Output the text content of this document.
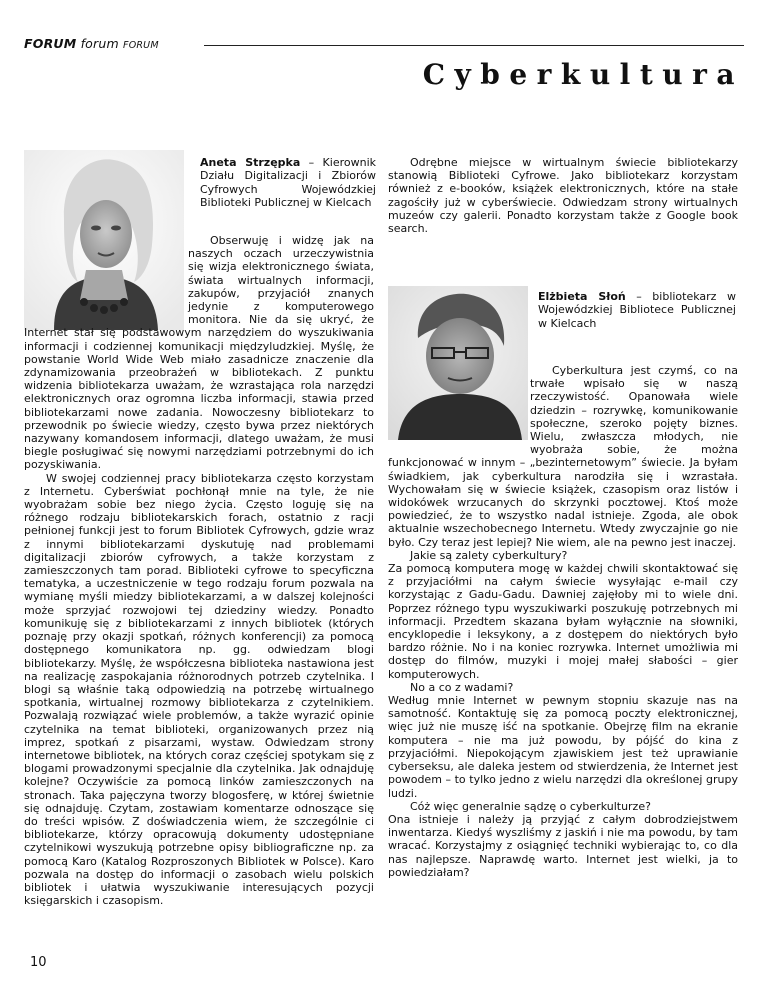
FORUM forum FORUM
Cyberkultura
Aneta Strzępka – Kierownik Działu Digitalizacji i Zbiorów Cyfrowych Wojewódzkiej Biblioteki Publicznej w Kielcach

Obserwuję i widzę jak na naszych oczach urzeczywistnia się wizja elektronicznego świata, świata wirtualnych informacji, zakupów, przyjaciół znanych jedynie z komputerowego monitora. Nie da się ukryć, że Internet stał się podstawowym narzędziem do wyszukiwania informacji i codziennej komunikacji międzyludzkiej. Myślę, że powstanie World Wide Web miało zasadnicze znaczenie dla zdynamizowania przeobrażeń w bibliotekach. Z punktu widzenia bibliotekarza uważam, że wzrastająca rola narzędzi elektronicznych oraz ogromna liczba informacji, stawia przed bibliotekarzami nowe zadania. Nowoczesny bibliotekarz to przewodnik po świecie wiedzy, często bywa przez niektórych nazywany komandosem informacji, dlatego uważam, że musi biegle posługiwać się nowymi narzędziami potrzebnymi do ich pozyskiwania.

W swojej codziennej pracy bibliotekarza często korzystam z Internetu. Cyberświat pochłonął mnie na tyle, że nie wyobrażam sobie bez niego życia. Często loguję się na różnego rodzaju bibliotekarskich forach, ostatnio z racji pełnionej funkcji jest to forum Bibliotek Cyfrowych, gdzie wraz z innymi bibliotekarzami dyskutuję nad problemami digitalizacji zbiorów cyfrowych, a także korzystam z zamieszczonych tam porad. Biblioteki cyfrowe to specyficzna tematyka, a uczestniczenie w tego rodzaju forum pozwala na wymianę myśli miedzy bibliotekarzami, a w dalszej kolejności może sprzyjać rozwojowi tej dziedziny wiedzy. Ponadto komunikuję się z bibliotekarzami z innych bibliotek (których poznaję przy okazji spotkań, różnych konferencji) za pomocą dostępnego komunikatora np. gg. odwiedzam blogi bibliotekarzy. Myślę, że współczesna biblioteka nastawiona jest na realizację zaspokajania różnorodnych potrzeb czytelnika. I blogi są właśnie taką odpowiedzią na potrzebę wirtualnego spotkania, wirtualnej rozmowy bibliotekarza z czytelnikiem. Pozwalają rozwiązać wiele problemów, a także wyrazić opinie czytelnika na temat biblioteki, organizowanych przez nią imprez, spotkań z pisarzami, wystaw. Odwiedzam strony internetowe bibliotek, na których coraz częściej spotykam się z blogami prowadzonymi specjalnie dla czytelnika. Jak odnajduję kolejne? Oczywiście za pomocą linków zamieszczonych na stronach. Taka pajęczyna tworzy blogosferę, w której świetnie się odnajduję. Czytam, zostawiam komentarze odnoszące się do treści wpisów. Z doświadczenia wiem, że szczególnie ci bibliotekarze, którzy opracowują dokumenty udostępniane czytelnikowi wyszukują potrzebne opisy bibliograficzne np. za pomocą Karo (Katalog Rozproszonych Bibliotek w Polsce). Karo pozwala na dostęp do informacji o zasobach wielu polskich bibliotek i ułatwia wyszukiwanie interesujących pozycji księgarskich i czasopism.

Odrębne miejsce w wirtualnym świecie bibliotekarzy stanowią Biblioteki Cyfrowe. Jako bibliotekarz korzystam również z e-booków, książek elektronicznych, które na stałe zagościły już w cyberświecie. Odwiedzam strony wirtualnych muzeów czy galerii. Ponadto korzystam także z Google book search.

Elżbieta Słoń – bibliotekarz w Wojewódzkiej Bibliotece Publicznej w Kielcach

Cyberkultura jest czymś, co na trwałe wpisało się w naszą rzeczywistość. Opanowała wiele dziedzin – rozrywkę, komunikowanie społeczne, szeroko pojęty biznes. Wielu, zwłaszcza młodych, nie wyobraża sobie, że można funkcjonować w innym – „bezinternetowym” świecie. Ja byłam świadkiem, jak cyberkultura narodziła się i wzrastała. Wychowałam się w świecie książek, czasopism oraz listów i widokówek wrzucanych do skrzynki pocztowej. Ktoś może powiedzieć, że to wszystko nadal istnieje. Zgoda, ale obok aktualnie wszechobecnego Internetu. Wtedy zwyczajnie go nie było. Czy teraz jest lepiej? Nie wiem, ale na pewno jest inaczej.

Jakie są zalety cyberkultury?

Za pomocą komputera mogę w każdej chwili skontaktować się z przyjaciółmi na całym świecie wysyłając e-mail czy korzystając z Gadu-Gadu. Dawniej zajęłoby mi to wiele dni. Poprzez różnego typu wyszukiwarki poszukuję potrzebnych mi informacji. Przedtem skazana byłam wyłącznie na słowniki, encyklopedie i leksykony, a z dostępem do niektórych było bardzo różnie. No i na koniec rozrywka. Internet umożliwia mi dostęp do filmów, muzyki i mojej małej słabości – gier komputerowych.

No a co z wadami?

Według mnie Internet w pewnym stopniu skazuje nas na samotność. Kontaktuję się za pomocą poczty elektronicznej, więc już nie muszę iść na spotkanie. Obejrzę film na ekranie komputera – nie ma już powodu, by pójść do kina z przyjaciółmi. Niepokojącym zjawiskiem jest też uprawianie cyberseksu, ale daleka jestem od stwierdzenia, że Internet jest powodem – to tylko jedno z wielu narzędzi dla określonej grupy ludzi.

Cóż więc generalnie sądzę o cyberkulturze?

Ona istnieje i należy ją przyjąć z całym dobrodziejstwem inwentarza. Kiedyś wyszliśmy z jaskiń i nie ma powodu, by tam wracać. Korzystajmy z osiągnięć techniki wybierając to, co dla nas najlepsze. Naprawdę warto. Internet jest wielki, ja to powiedziałam?

10
